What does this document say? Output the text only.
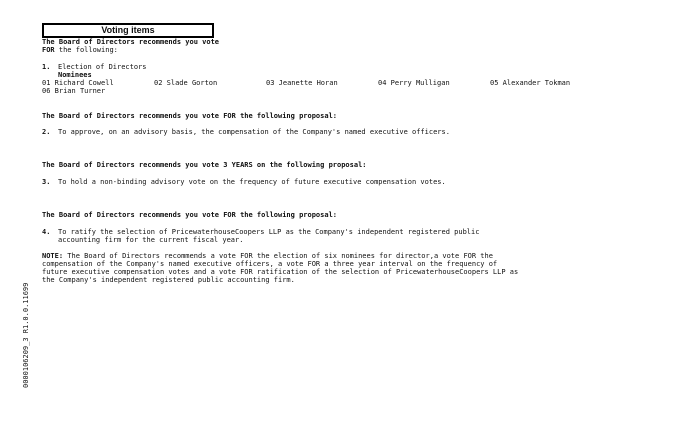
Voting items
The Board of Directors recommends you vote
FOR the following:
1. Election of Directors
Nominees
01 Richard Cowell	02 Slade Gorton	03 Jeanette Horan	04 Perry Mulligan	05 Alexander Tokman
06 Brian Turner
The Board of Directors recommends you vote FOR the following proposal:
2. To approve, on an advisory basis, the compensation of the Company's named executive officers.
The Board of Directors recommends you vote 3 YEARS on the following proposal:
3. To hold a non-binding advisory vote on the frequency of future executive compensation votes.
The Board of Directors recommends you vote FOR the following proposal:
4. To ratify the selection of PricewaterhouseCoopers LLP as the Company's independent registered public
accounting firm for the current fiscal year.
NOTE: The Board of Directors recommends a vote FOR the election of six nominees for director,a vote FOR the
compensation of the Company's named executive officers, a vote FOR a three year interval on the frequency of
future executive compensation votes and a vote FOR ratification of the selection of PricewaterhouseCoopers LLP as
the Company's independent registered public accounting firm.
0000106209_3 R1.0.0.11699
